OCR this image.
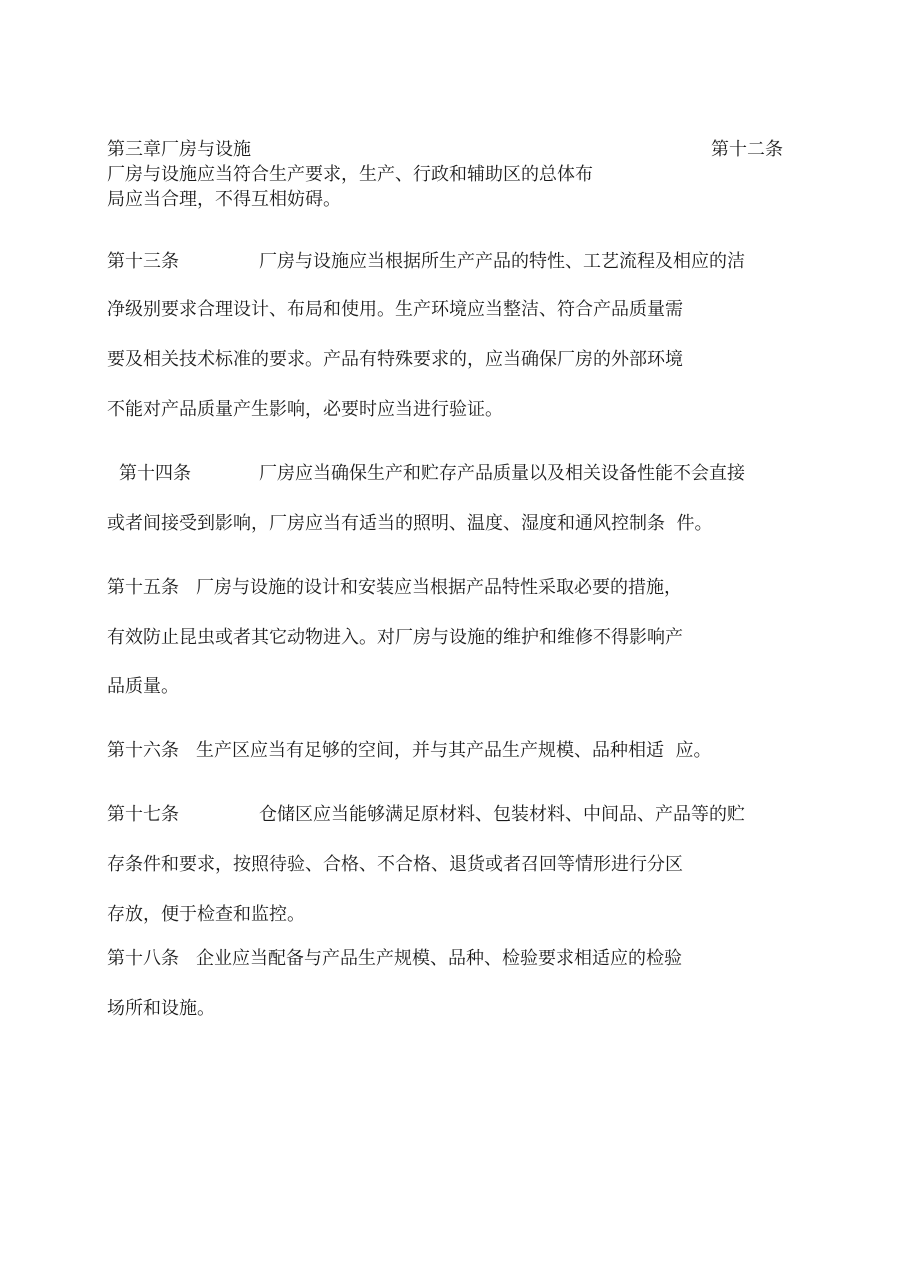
第三章厂房与设施	第十二条

厂房与设施应当符合生产要求，生产、行政和辅助区的总体布

局应当合理，不得互相妨碍。

第十三条	厂房与设施应当根据所生产产品的特性、工艺流程及相应的洁

净级别要求合理设计、布局和使用。生产环境应当整洁、符合产品质量需

要及相关技术标准的要求。产品有特殊要求的，应当确保厂房的外部环境

不能对产品质量产生影响，必要时应当进行验证。

第十四条	厂房应当确保生产和贮存产品质量以及相关设备性能不会直接

或者间接受到影响，厂房应当有适当的照明、温度、湿度和通风控制条  件。

第十五条 厂房与设施的设计和安装应当根据产品特性采取必要的措施，

有效防止昆虫或者其它动物进入。对厂房与设施的维护和维修不得影响产

品质量。

第十六条 生产区应当有足够的空间，并与其产品生产规模、品种相适  应。

第十七条	仓储区应当能够满足原材料、包装材料、中间品、产品等的贮

存条件和要求，按照待验、合格、不合格、退货或者召回等情形进行分区

存放，便于检查和监控。

第十八条 企业应当配备与产品生产规模、品种、检验要求相适应的检验

场所和设施。
